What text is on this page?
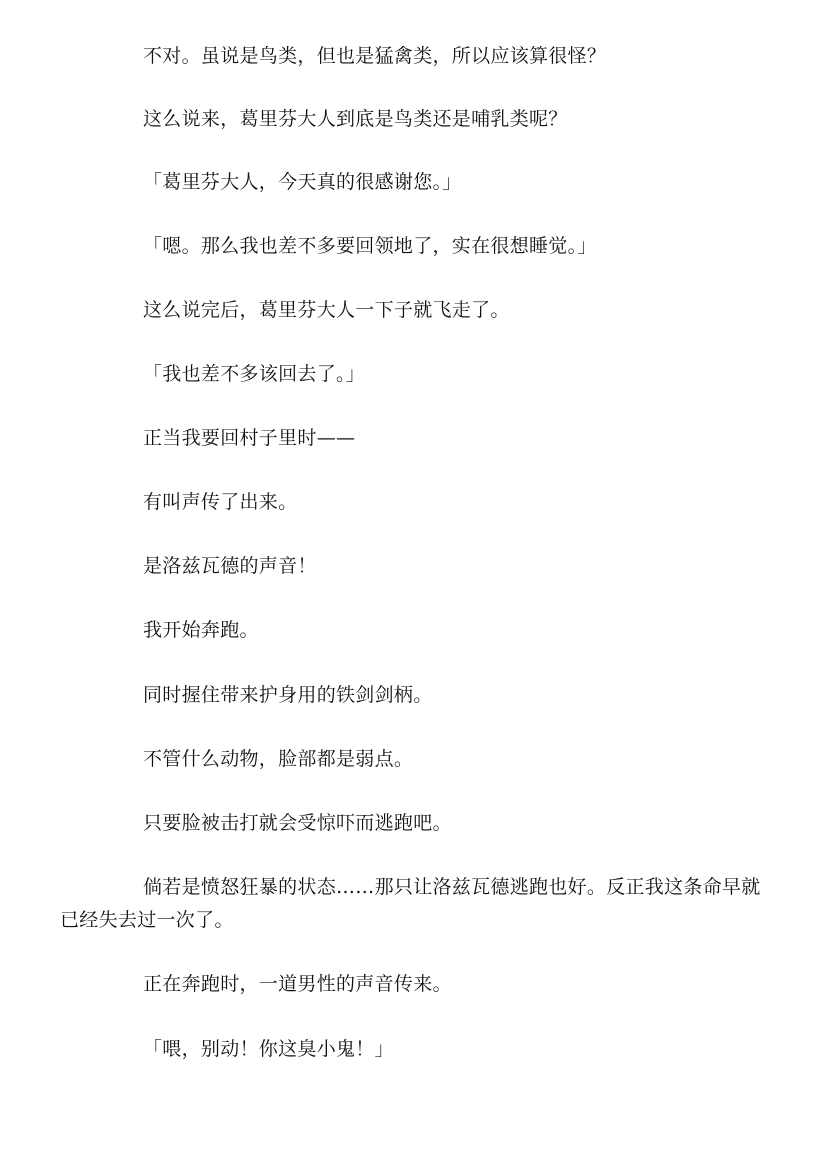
不对。虽说是鸟类，但也是猛禽类，所以应该算很怪？

这么说来，葛里芬大人到底是鸟类还是哺乳类呢？

「葛里芬大人，今天真的很感谢您。」

「嗯。那么我也差不多要回领地了，实在很想睡觉。」

这么说完后，葛里芬大人一下子就飞走了。

「我也差不多该回去了。」

正当我要回村子里时——

有叫声传了出来。

是洛兹瓦德的声音！

我开始奔跑。

同时握住带来护身用的铁剑剑柄。

不管什么动物，脸部都是弱点。

只要脸被击打就会受惊吓而逃跑吧。

倘若是愤怒狂暴的状态……那只让洛兹瓦德逃跑也好。反正我这条命早就已经失去过一次了。

正在奔跑时，一道男性的声音传来。

「喂，别动！你这臭小鬼！」
